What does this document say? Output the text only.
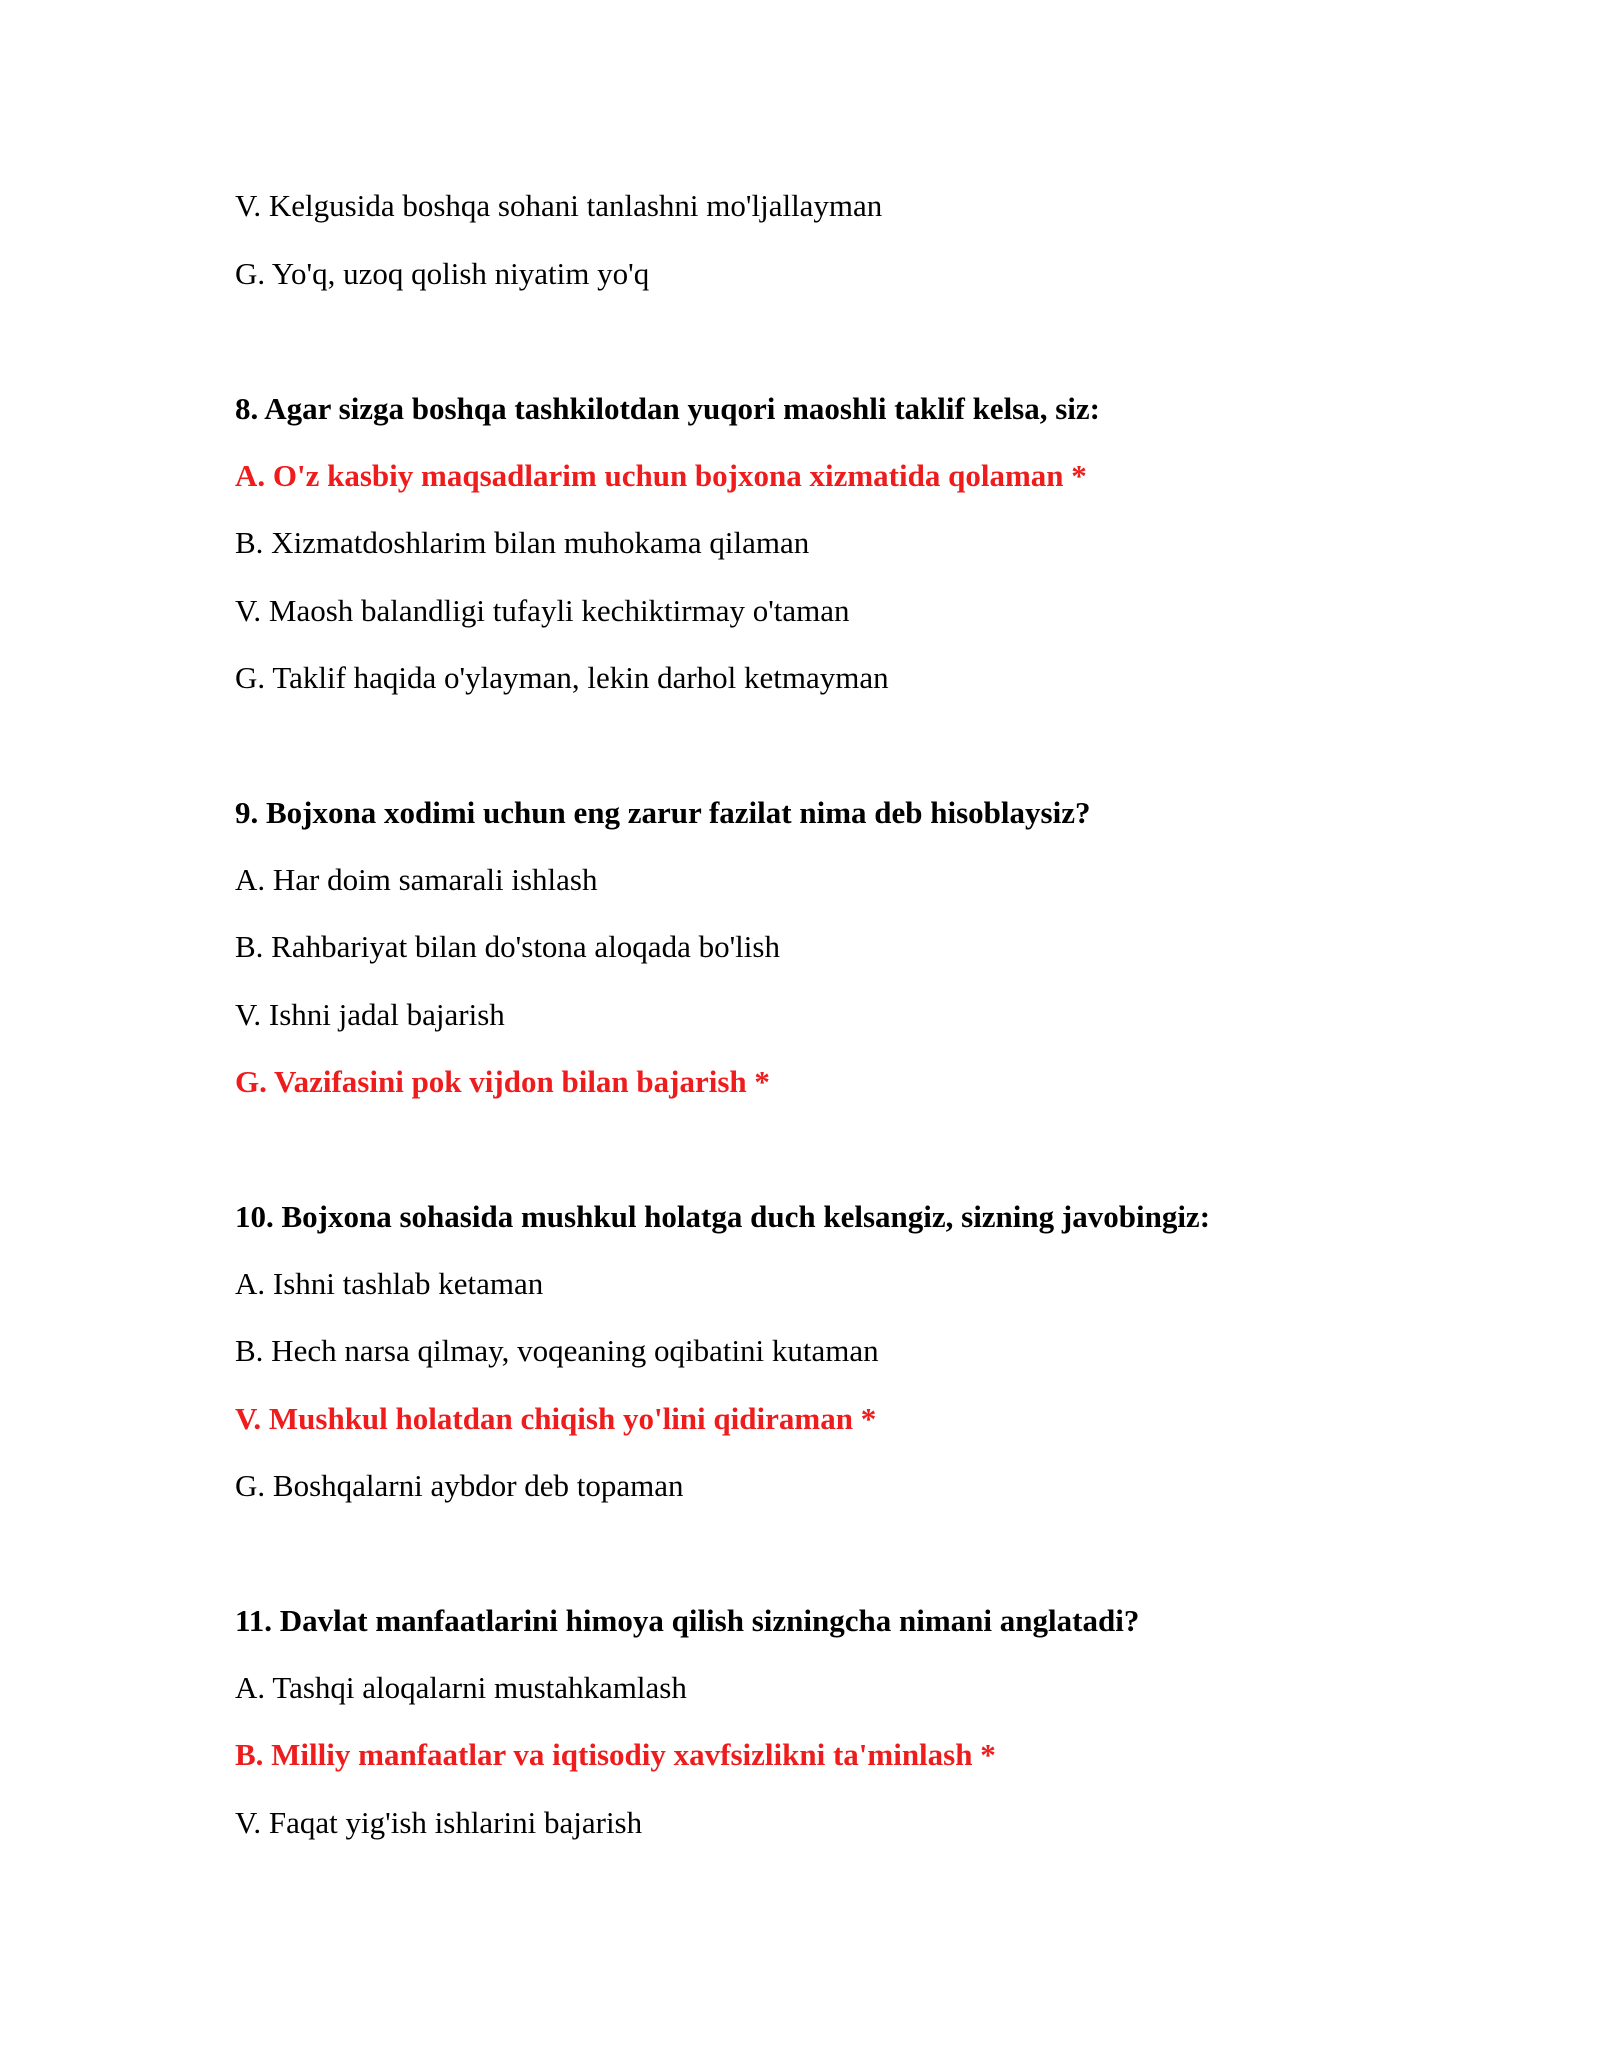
V. Kelgusida boshqa sohani tanlashni mo'ljallayman
G. Yo'q, uzoq qolish niyatim yo'q
8. Agar sizga boshqa tashkilotdan yuqori maoshli taklif kelsa, siz:
A. O'z kasbiy maqsadlarim uchun bojxona xizmatida qolaman *
B. Xizmatdoshlarim bilan muhokama qilaman
V. Maosh balandligi tufayli kechiktirmay o'taman
G. Taklif haqida o'ylayman, lekin darhol ketmayman
9. Bojxona xodimi uchun eng zarur fazilat nima deb hisoblaysiz?
A. Har doim samarali ishlash
B. Rahbariyat bilan do'stona aloqada bo'lish
V. Ishni jadal bajarish
G. Vazifasini pok vijdon bilan bajarish *
10. Bojxona sohasida mushkul holatga duch kelsangiz, sizning javobingiz:
A. Ishni tashlab ketaman
B. Hech narsa qilmay, voqeaning oqibatini kutaman
V. Mushkul holatdan chiqish yo'lini qidiraman *
G. Boshqalarni aybdor deb topaman
11. Davlat manfaatlarini himoya qilish sizningcha nimani anglatadi?
A. Tashqi aloqalarni mustahkamlash
B. Milliy manfaatlar va iqtisodiy xavfsizlikni ta'minlash *
V. Faqat yig'ish ishlarini bajarish
